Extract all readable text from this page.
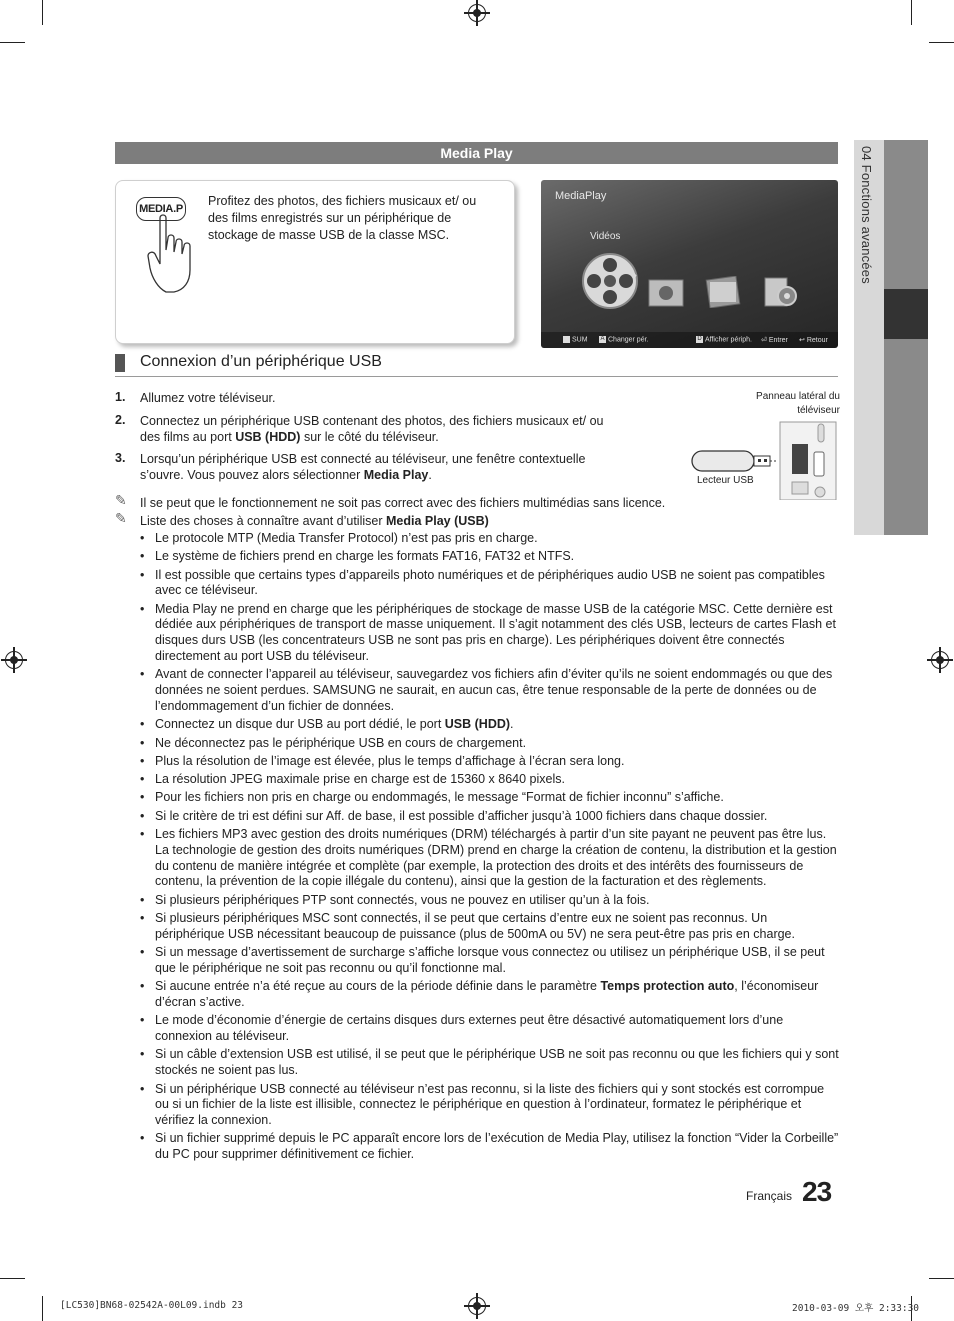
04 Fonctions avancées
Media Play
MEDIA.P
Profitez des photos, des fichiers musicaux et/ ou des films enregistrés sur un périphérique de stockage de masse USB de la classe MSC.
MediaPlay
Vidéos
›
SUM A Changer pér.	D Afficher périph. ⏎ Entrer ↩ Retour
Connexion d’un périphérique USB
1. Allumez votre téléviseur.
2. Connectez un périphérique USB contenant des photos, des fichiers musicaux et/ ou des films au port USB (HDD) sur le côté du téléviseur.
3. Lorsqu’un périphérique USB est connecté au téléviseur, une fenêtre contextuelle s’ouvre. Vous pouvez alors sélectionner Media Play.
Panneau latéral du téléviseur
Lecteur USB
✎ Il se peut que le fonctionnement ne soit pas correct avec des fichiers multimédias sans licence.
✎ Liste des choses à connaître avant d’utiliser Media Play (USB)
• Le protocole MTP (Media Transfer Protocol) n’est pas pris en charge.
• Le système de fichiers prend en charge les formats FAT16, FAT32 et NTFS.
• Il est possible que certains types d’appareils photo numériques et de périphériques audio USB ne soient pas compatibles avec ce téléviseur.
• Media Play ne prend en charge que les périphériques de stockage de masse USB de la catégorie MSC. Cette dernière est dédiée aux périphériques de transport de masse uniquement. Il s’agit notamment des clés USB, lecteurs de cartes Flash et disques durs USB (les concentrateurs USB ne sont pas pris en charge). Les périphériques doivent être connectés directement au port USB du téléviseur.
• Avant de connecter l’appareil au téléviseur, sauvegardez vos fichiers afin d’éviter qu’ils ne soient endommagés ou que des données ne soient perdues. SAMSUNG ne saurait, en aucun cas, être tenue responsable de la perte de données ou de l’endommagement d’un fichier de données.
• Connectez un disque dur USB au port dédié, le port USB (HDD).
• Ne déconnectez pas le périphérique USB en cours de chargement.
• Plus la résolution de l’image est élevée, plus le temps d’affichage à l’écran sera long.
• La résolution JPEG maximale prise en charge est de 15360 x 8640 pixels.
• Pour les fichiers non pris en charge ou endommagés, le message “Format de fichier inconnu” s’affiche.
• Si le critère de tri est défini sur Aff. de base, il est possible d’afficher jusqu’à 1000 fichiers dans chaque dossier.
• Les fichiers MP3 avec gestion des droits numériques (DRM) téléchargés à partir d’un site payant ne peuvent pas être lus. La technologie de gestion des droits numériques (DRM) prend en charge la création de contenu, la distribution et la gestion du contenu de manière intégrée et complète (par exemple, la protection des droits et des intérêts des fournisseurs de contenu, la prévention de la copie illégale du contenu), ainsi que la gestion de la facturation et des règlements.
• Si plusieurs périphériques PTP sont connectés, vous ne pouvez en utiliser qu’un à la fois.
• Si plusieurs périphériques MSC sont connectés, il se peut que certains d’entre eux ne soient pas reconnus. Un périphérique USB nécessitant beaucoup de puissance (plus de 500mA ou 5V) ne sera peut-être pas pris en charge.
• Si un message d’avertissement de surcharge s’affiche lorsque vous connectez ou utilisez un périphérique USB, il se peut que le périphérique ne soit pas reconnu ou qu’il fonctionne mal.
• Si aucune entrée n’a été reçue au cours de la période définie dans le paramètre Temps protection auto, l’économiseur d’écran s’active.
• Le mode d’économie d’énergie de certains disques durs externes peut être désactivé automatiquement lors d’une connexion au téléviseur.
• Si un câble d’extension USB est utilisé, il se peut que le périphérique USB ne soit pas reconnu ou que les fichiers qui y sont stockés ne soient pas lus.
• Si un périphérique USB connecté au téléviseur n’est pas reconnu, si la liste des fichiers qui y sont stockés est corrompue ou si un fichier de la liste est illisible, connectez le périphérique en question à l’ordinateur, formatez le périphérique et vérifiez la connexion.
• Si un fichier supprimé depuis le PC apparaît encore lors de l’exécution de Media Play, utilisez la fonction “Vider la Corbeille” du PC pour supprimer définitivement ce fichier.
Français 23
[LC530]BN68-02542A-00L09.indb 23	2010-03-09 오후 2:33:30
